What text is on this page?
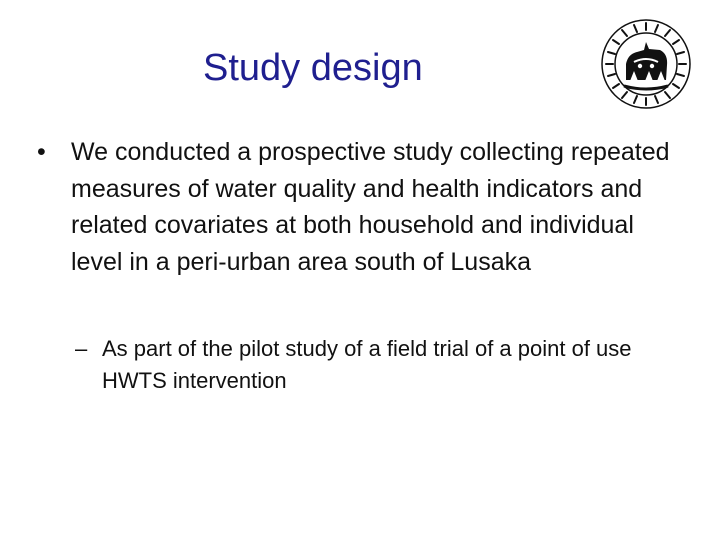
Study design
•	We conducted a prospective study collecting repeated measures of water quality and health indicators and related covariates at both household and individual level in a peri-urban area south of Lusaka
– As part of the pilot study of a field trial of a point of use HWTS intervention
